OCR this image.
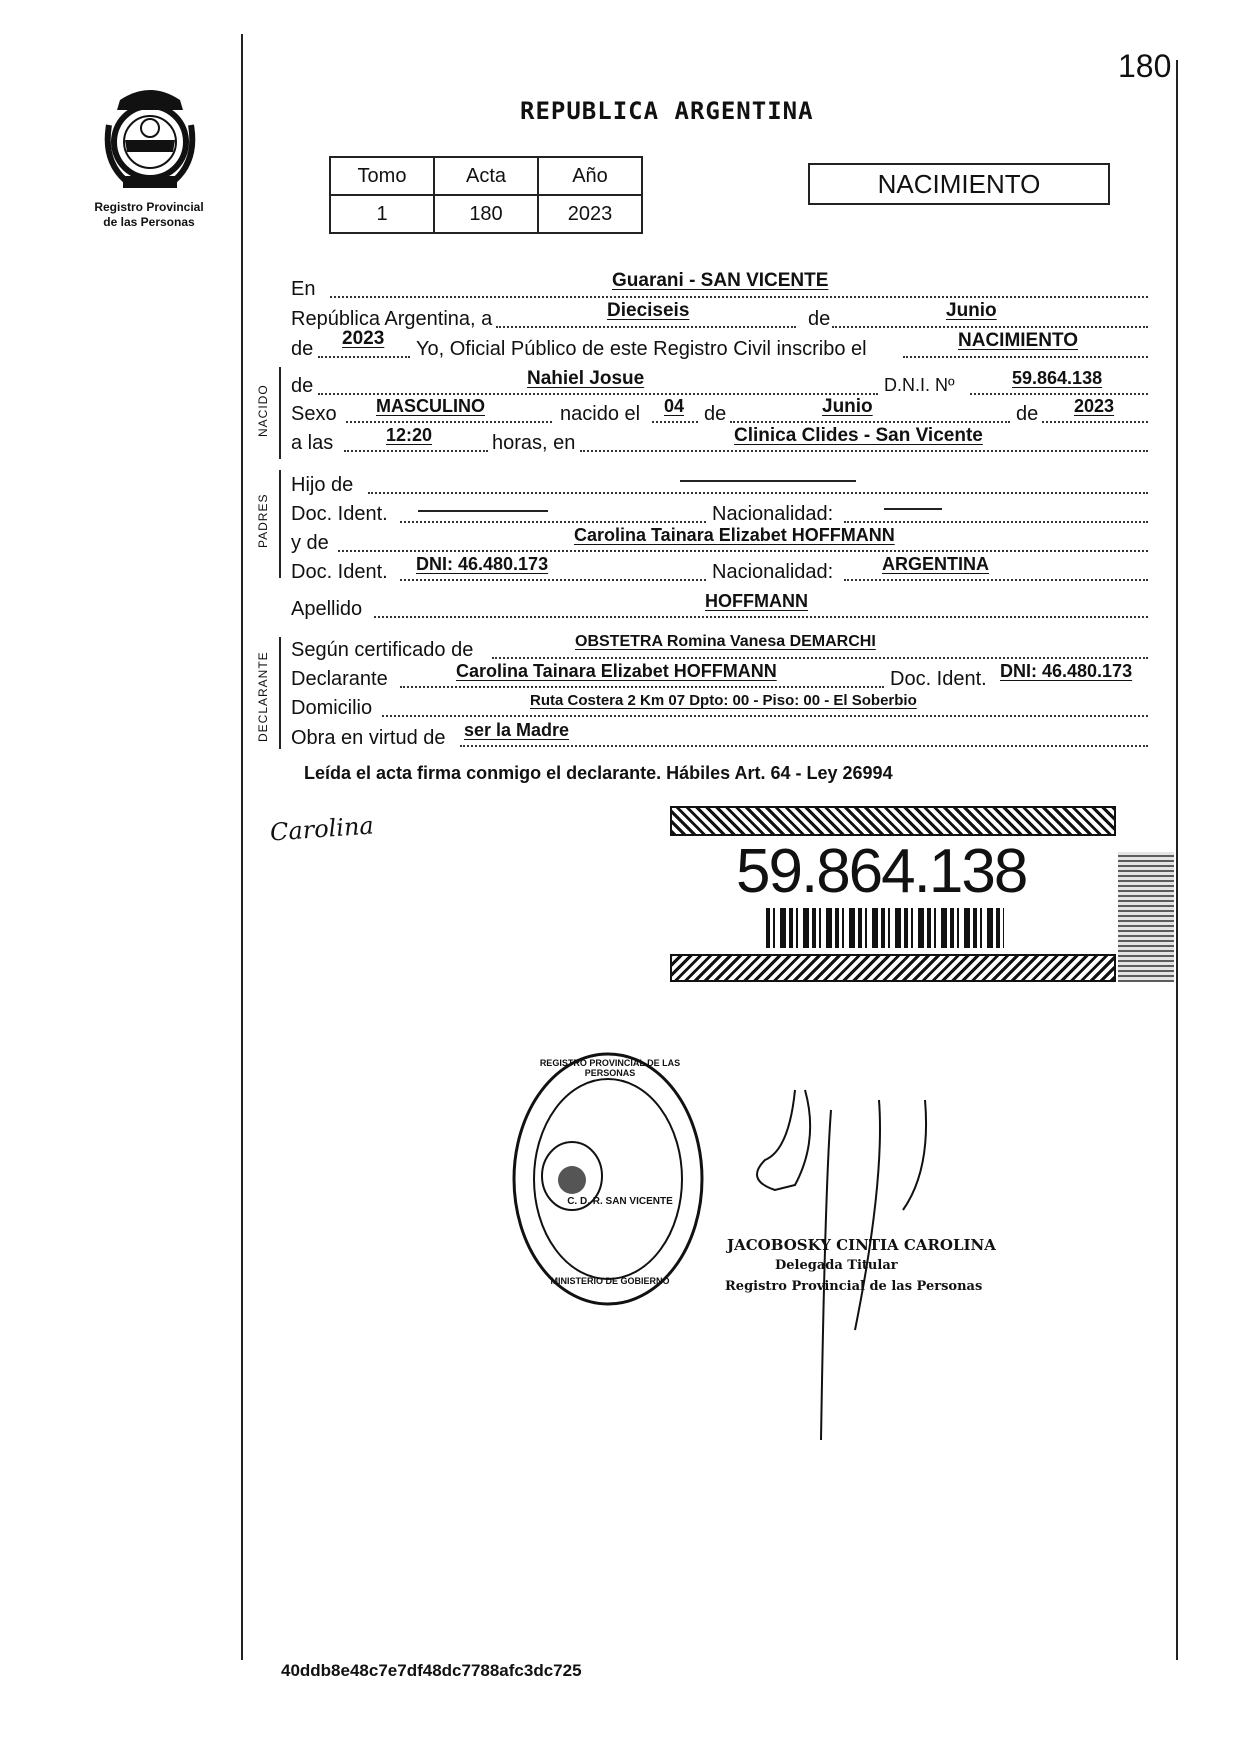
180
Registro Provincial
de las Personas
REPUBLICA ARGENTINA
Tomo	Acta	Año
1	180	2023
NACIMIENTO
En	Guarani - SAN VICENTE
República Argentina, a	Dieciseis	de	Junio
de 2023 Yo, Oficial Público de este Registro Civil inscribo el	NACIMIENTO
NACIDO de	Nahiel Josue	D.N.I. Nº	59.864.138
Sexo MASCULINO	nacido el 04 de	Junio	de 2023
a las	12:20	horas, en	Clinica Clides - San Vicente
PADRES
Hijo de
Doc. Ident.	Nacionalidad:
y de	Carolina Tainara Elizabet HOFFMANN
Doc. Ident. DNI: 46.480.173	Nacionalidad:	ARGENTINA
Apellido	HOFFMANN
DECLARANTE
Según certificado de	OBSTETRA Romina Vanesa DEMARCHI
Declarante	Carolina Tainara Elizabet HOFFMANN	Doc. Ident. DNI: 46.480.173
Domicilio	Ruta Costera 2 Km 07 Dpto: 00 - Piso: 00 - El Soberbio
Obra en virtud de ser la Madre
Leída el acta firma conmigo el declarante. Hábiles Art. 64 - Ley 26994
Carolina
59.864.138
REGISTRO PROVINCIAL DE LAS PERSONAS
C. D. R. SAN VICENTE
MINISTERIO DE GOBIERNO
JACOBOSKY CINTIA CAROLINA
Delegada Titular
Registro Provincial de las Personas
40ddb8e48c7e7df48dc7788afc3dc725
